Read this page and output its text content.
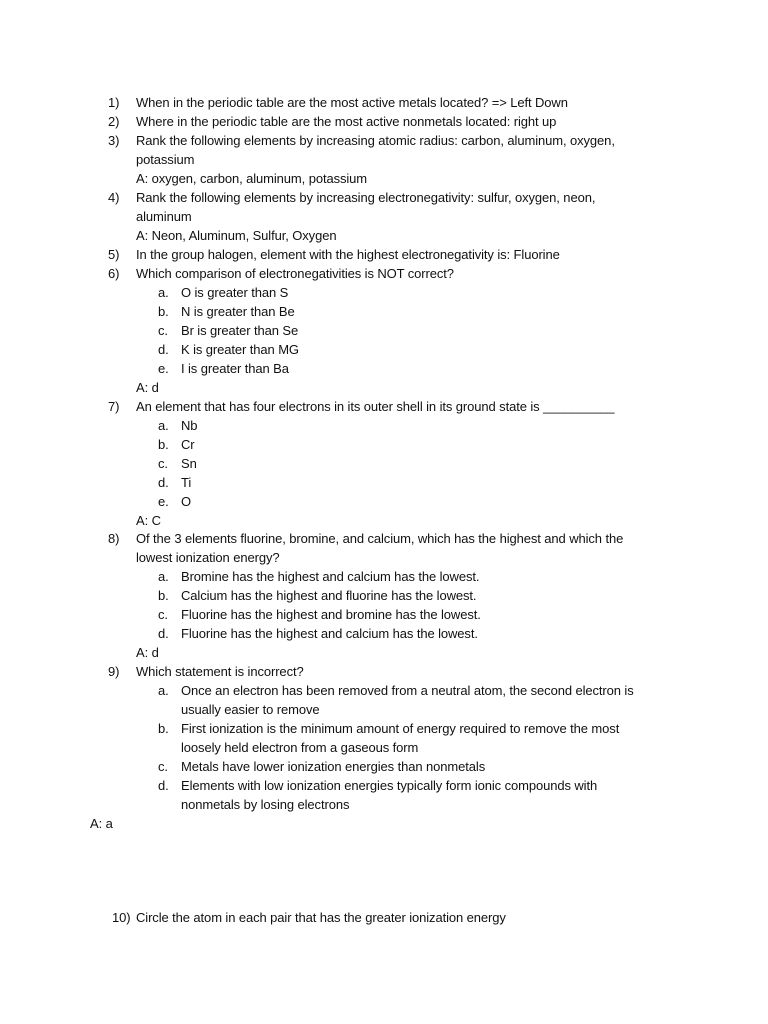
1) When in the periodic table are the most active metals located? => Left Down
2) Where in the periodic table are the most active nonmetals located: right up
3) Rank the following elements by increasing atomic radius: carbon, aluminum, oxygen,
potassium
A: oxygen, carbon, aluminum, potassium
4) Rank the following elements by increasing electronegativity: sulfur, oxygen, neon,
aluminum
A: Neon, Aluminum, Sulfur, Oxygen
5) In the group halogen, element with the highest electronegativity is: Fluorine
6) Which comparison of electronegativities is NOT correct?
a. O is greater than S
b. N is greater than Be
c. Br is greater than Se
d. K is greater than MG
e. I is greater than Ba
A: d
7) An element that has four electrons in its outer shell in its ground state is __________
a. Nb
b. Cr
c. Sn
d. Ti
e. O
A: C
8) Of the 3 elements fluorine, bromine, and calcium, which has the highest and which the
lowest ionization energy?
a. Bromine has the highest and calcium has the lowest.
b. Calcium has the highest and fluorine has the lowest.
c. Fluorine has the highest and bromine has the lowest.
d. Fluorine has the highest and calcium has the lowest.
A: d
9) Which statement is incorrect?
a. Once an electron has been removed from a neutral atom, the second electron is
usually easier to remove
b. First ionization is the minimum amount of energy required to remove the most
loosely held electron from a gaseous form
c. Metals have lower ionization energies than nonmetals
d. Elements with low ionization energies typically form ionic compounds with
nonmetals by losing electrons
A: a
10) Circle the atom in each pair that has the greater ionization energy
